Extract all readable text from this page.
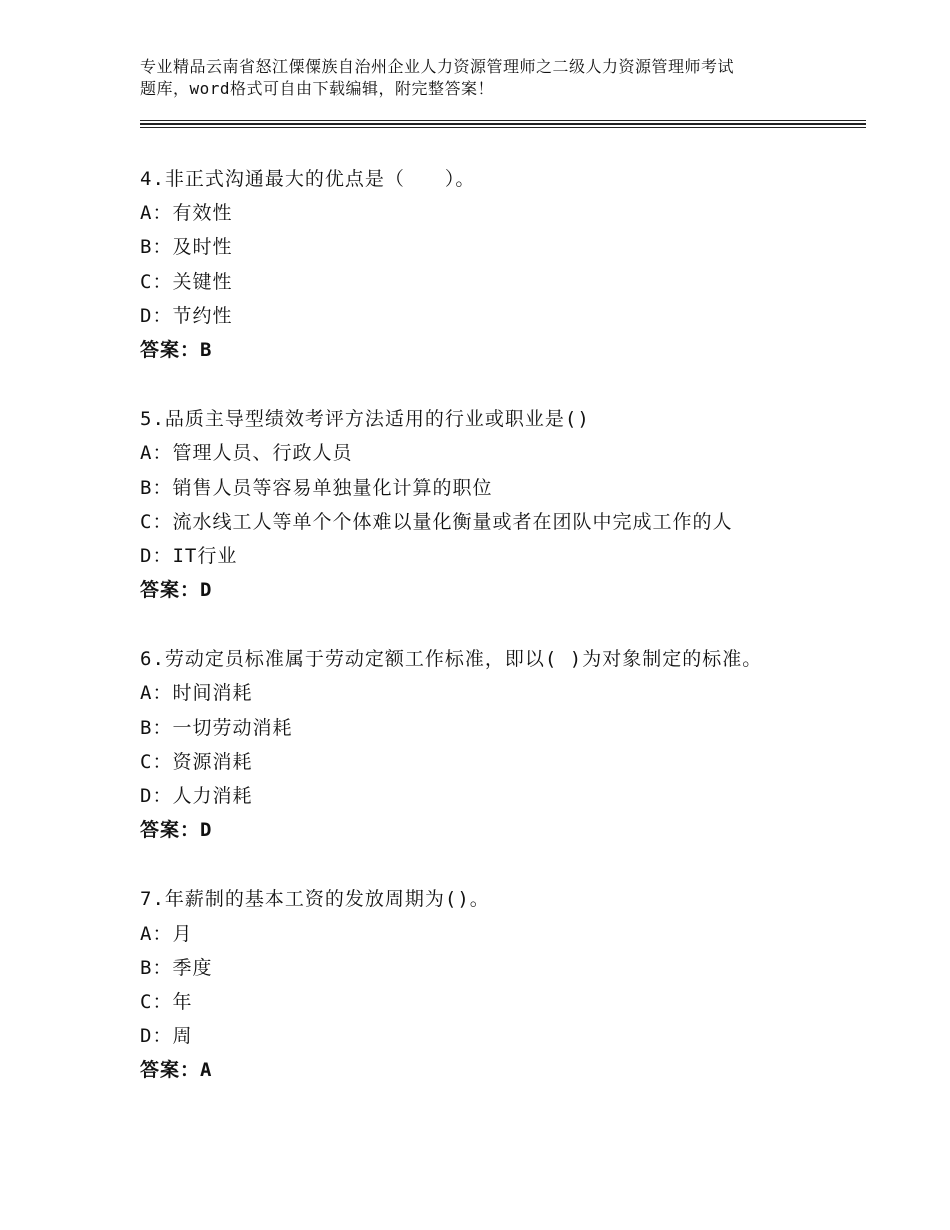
专业精品云南省怒江傈僳族自治州企业人力资源管理师之二级人力资源管理师考试
题库，word格式可自由下载编辑，附完整答案！
4.非正式沟通最大的优点是（　　）。
A：有效性
B：及时性
C：关键性
D：节约性
答案：B
5.品质主导型绩效考评方法适用的行业或职业是()
A：管理人员、行政人员
B：销售人员等容易单独量化计算的职位
C：流水线工人等单个个体难以量化衡量或者在团队中完成工作的人
D：IT行业
答案：D
6.劳动定员标准属于劳动定额工作标准，即以( )为对象制定的标准。
A：时间消耗
B：一切劳动消耗
C：资源消耗
D：人力消耗
答案：D
7.年薪制的基本工资的发放周期为()。
A：月
B：季度
C：年
D：周
答案：A
